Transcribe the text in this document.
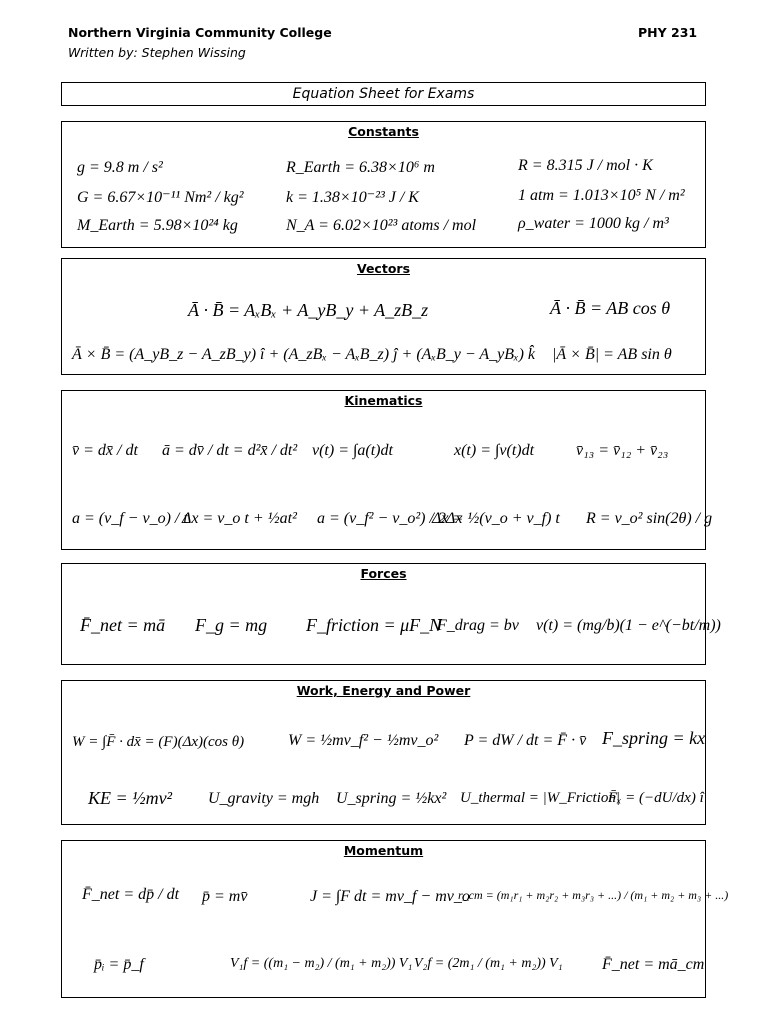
Northern Virginia Community College
Written by: Stephen Wissing
PHY 231
Equation Sheet for Exams
Constants
g = 9.8 m / s²	R_Earth = 6.38×10⁶ m	R = 8.315 J / mol · K
G = 6.67×10⁻¹¹ Nm² / kg²	k = 1.38×10⁻²³ J / K	1 atm = 1.013×10⁵ N / m²
M_Earth = 5.98×10²⁴ kg	N_A = 6.02×10²³ atoms / mol	ρ_water = 1000 kg / m³
Vectors
Ā · B̄ = AₓBₓ + A_yB_y + A_zB_z	Ā · B̄ = AB cos θ
Ā × B̄ = (A_yB_z − A_zB_y) î + (A_zBₓ − AₓB_z) ĵ + (AₓB_y − A_yBₓ) k̂ |Ā × B̄| = AB sin θ
Kinematics
v̄ = dx̄ / dt ā = dv̄ / dt = d²x̄ / dt² v(t) = ∫a(t)dt	x(t) = ∫v(t)dt	v̄₁₃ = v̄₁₂ + v̄₂₃
a = (v_f − v_o) / t
Δx = v_o t + ½at² a = (v_f² − v_o²) / 2Δx
Δx = ½(v_o + v_f) t R = v_o² sin(2θ) / g
Forces
F̄_net = mā F_g = mg F_friction = μF_N
F_drag = bv v(t) = (mg/b)(1 − e^(−bt/m))
Work, Energy and Power
W = ∫F̄ · dx̄ = (F)(Δx)(cos θ)	W = ½mv_f² − ½mv_o² P = dW / dt = F̄ · v̄ F_spring = kx
KE = ½mv² U_gravity = mgh U_spring = ½kx² U_thermal = |W_Friction|
F̄ₓ = (−dU/dx) î
Momentum
F̄_net = dp̄ / dt p̄ = mv̄	J = ∫F dt = mv_f − mv_o
r_cm = (m₁r₁ + m₂r₂ + m₃r₃ + ...) / (m₁ + m₂ + m₃ + ...)
p̄ᵢ = p̄_f	V₁f = ((m₁ − m₂) / (m₁ + m₂)) V₁ V₂f = (2m₁ / (m₁ + m₂)) V₁ F̄_net = mā_cm
